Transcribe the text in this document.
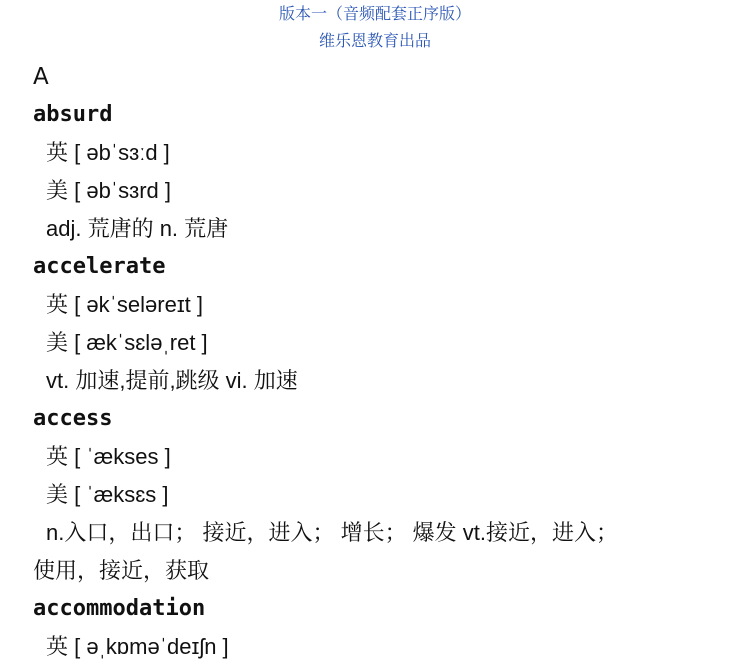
版本一（音频配套正序版）
维乐恩教育出品
A
absurd
英 [ əbˈsɜːd ]
美 [ əbˈsɜrd ]
adj. 荒唐的 n. 荒唐
accelerate
英 [ əkˈseləreɪt ]
美 [ ækˈsɛləˌret ]
vt. 加速,提前,跳级 vi. 加速
access
英 [ ˈækses ]
美 [ ˈæksɛs ]
n.入口，出口； 接近，进入； 增长； 爆发 vt.接近，进入；
使用，接近，获取
accommodation
英 [ əˌkɒməˈdeɪʃn ]
